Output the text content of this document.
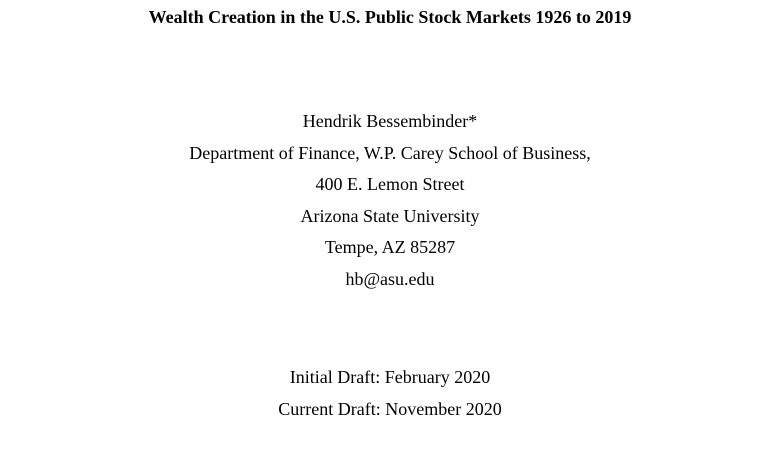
Wealth Creation in the U.S. Public Stock Markets 1926 to 2019
Hendrik Bessembinder*
Department of Finance, W.P. Carey School of Business,
400 E. Lemon Street
Arizona State University
Tempe, AZ 85287
hb@asu.edu
Initial Draft: February 2020
Current Draft: November 2020
